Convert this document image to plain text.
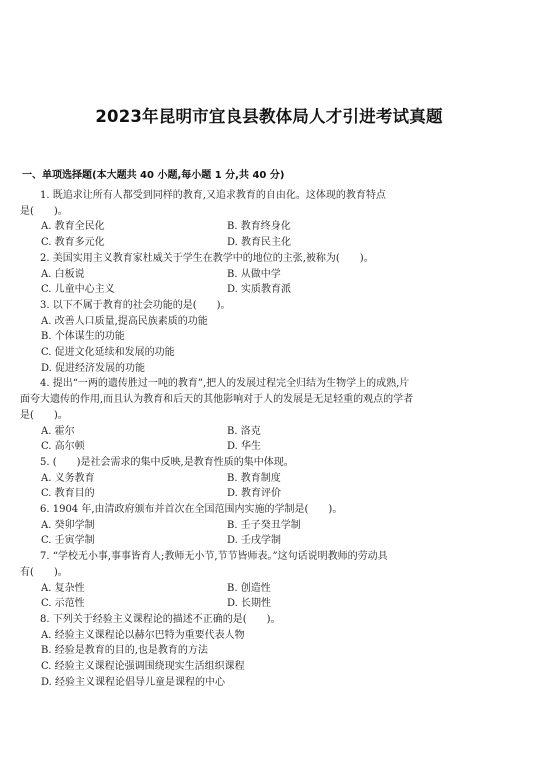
2023年昆明市宜良县教体局人才引进考试真题
一、单项选择题(本大题共 40 小题,每小题 1 分,共 40 分)

1. 既追求让所有人都受到同样的教育,又追求教育的自由化。这体现的教育特点

是(　　)。

A. 教育全民化	B. 教育终身化

C. 教育多元化	D. 教育民主化

2. 美国实用主义教育家杜威关于学生在教学中的地位的主张,被称为(　　)。

A. 白板说	B. 从做中学

C. 儿童中心主义	D. 实质教育派

3. 以下不属于教育的社会功能的是(　　)。

A. 改善人口质量,提高民族素质的功能

B. 个体谋生的功能

C. 促进文化延续和发展的功能

D. 促进经济发展的功能

4. 提出“一两的遗传胜过一吨的教育”,把人的发展过程完全归结为生物学上的成熟,片

面夸大遗传的作用,而且认为教育和后天的其他影响对于人的发展是无足轻重的观点的学者

是(　　)。

A. 霍尔	B. 洛克

C. 高尔顿	D. 华生

5. (　　)是社会需求的集中反映,是教育性质的集中体现。

A. 义务教育	B. 教育制度

C. 教育目的	D. 教育评价

6. 1904 年,由清政府颁布并首次在全国范围内实施的学制是(　　)。

A. 癸卯学制	B. 壬子癸丑学制

C. 壬寅学制	D. 壬戌学制

7. “学校无小事,事事皆育人;教师无小节,节节皆师表。”这句话说明教师的劳动具

有(　　)。

A. 复杂性	B. 创造性

C. 示范性	D. 长期性

8. 下列关于经验主义课程论的描述不正确的是(　　)。

A. 经验主义课程论以赫尔巴特为重要代表人物

B. 经验是教育的目的,也是教育的方法

C. 经验主义课程论强调围绕现实生活组织课程

D. 经验主义课程论倡导儿童是课程的中心
